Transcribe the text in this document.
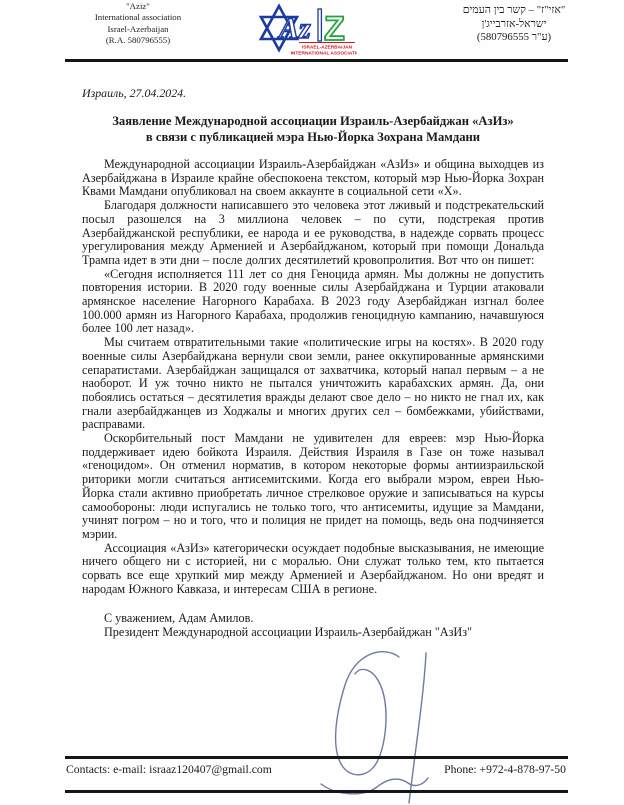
"Aziz"
International association
Israel-Azerbaijan
(R.A. 580796555)	Az Z
ISRAEL-AZERBAIJAN
INTERNATIONAL ASSOCIATION
"אזי"ז" – קשר בין העמים
ישראל-אזרבייג'ן
(ע"ר 580796555)

Израиль, 27.04.2024.

Заявление Международной ассоциации Израиль-Азербайджан «АзИз»
в связи с публикацией мэра Нью-Йорка Зохрана Мамдани

Международной ассоциации Израиль-Азербайджан «АзИз» и община выходцев из Азербайджана в Израиле крайне обеспокоена текстом, который мэр Нью-Йорка Зохран Квами Мамдани опубликовал на своем аккаунте в социальной сети «Х».

Благодаря должности написавшего это человека этот лживый и подстрекательский посыл разошелся на 3 миллиона человек – по сути, подстрекая против Азербайджанской республики, ее народа и ее руководства, в надежде сорвать процесс урегулирования между Арменией и Азербайджаном, который при помощи Дональда Трампа идет в эти дни – после долгих десятилетий кровопролития. Вот что он пишет:

«Сегодня исполняется 111 лет со дня Геноцида армян. Мы должны не допустить повторения истории. В 2020 году военные силы Азербайджана и Турции атаковали армянское население Нагорного Карабаха. В 2023 году Азербайджан изгнал более 100.000 армян из Нагорного Карабаха, продолжив геноцидную кампанию, начавшуюся более 100 лет назад».

Мы считаем отвратительными такие «политические игры на костях». В 2020 году военные силы Азербайджана вернули свои земли, ранее оккупированные армянскими сепаратистами. Азербайджан защищался от захватчика, который напал первым – а не наоборот. И уж точно никто не пытался уничтожить карабахских армян. Да, они побоялись остаться – десятилетия вражды делают свое дело – но никто не гнал их, как гнали азербайджанцев из Ходжалы и многих других сел – бомбежками, убийствами, расправами.

Оскорбительный пост Мамдани не удивителен для евреев: мэр Нью-Йорка поддерживает идею бойкота Израиля. Действия Израиля в Газе он тоже называл «геноцидом». Он отменил норматив, в котором некоторые формы антиизраильской риторики могли считаться антисемитскими. Когда его выбрали мэром, евреи Нью-Йорка стали активно приобретать личное стрелковое оружие и записываться на курсы самообороны: люди испугались не только того, что антисемиты, идущие за Мамдани, учинят погром – но и того, что и полиция не придет на помощь, ведь она подчиняется мэрии.

Ассоциация «АзИз» категорически осуждает подобные высказывания, не имеющие ничего общего ни с историей, ни с моралью. Они служат только тем, кто пытается сорвать все еще хрупкий мир между Арменией и Азербайджаном. Но они вредят и народам Южного Кавказа, и интересам США в регионе.

С уважением, Адам Амилов.

Президент Международной ассоциации Израиль-Азербайджан "АзИз"

Contacts: e-mail: israaz120407@gmail.com	Phone: +972-4-878-97-50
